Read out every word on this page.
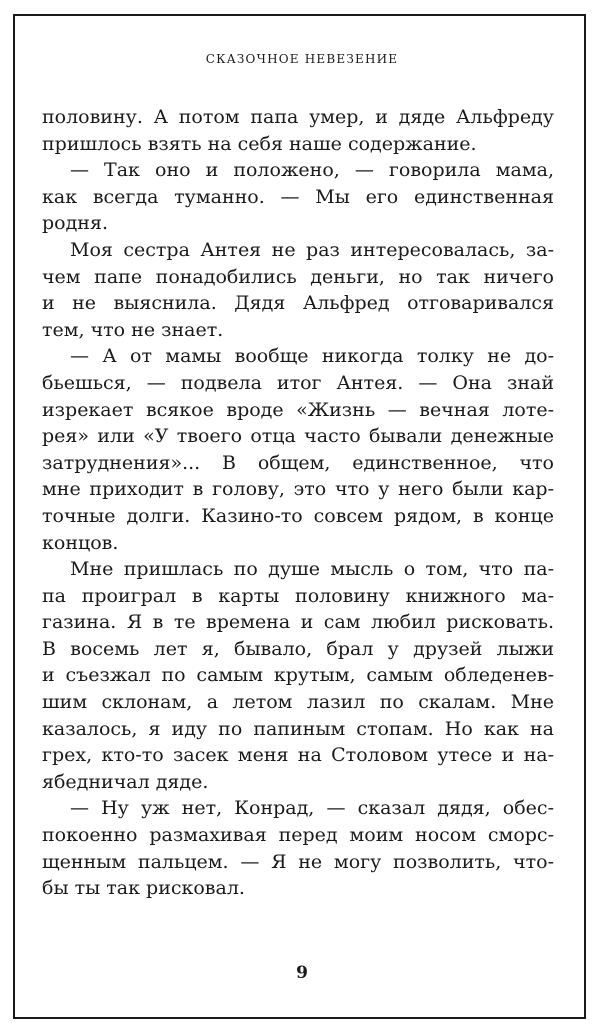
СКАЗОЧНОЕ НЕВЕЗЕНИЕ
половину. А потом папа умер, и дяде Альфреду
пришлось взять на себя наше содержание.
— Так оно и положено, — говорила мама,
как всегда туманно. — Мы его единственная
родня.
Моя сестра Антея не раз интересовалась, за-
чем папе понадобились деньги, но так ничего
и не выяснила. Дядя Альфред отговаривался
тем, что не знает.
— А от мамы вообще никогда толку не до-
бьешься, — подвела итог Антея. — Она знай
изрекает всякое вроде «Жизнь — вечная лоте-
рея» или «У твоего отца часто бывали денежные
затруднения»... В общем, единственное, что
мне приходит в голову, это что у него были кар-
точные долги. Казино-то совсем рядом, в конце
концов.
Мне пришлась по душе мысль о том, что па-
па проиграл в карты половину книжного ма-
газина. Я в те времена и сам любил рисковать.
В восемь лет я, бывало, брал у друзей лыжи
и съезжал по самым крутым, самым обледенев-
шим склонам, а летом лазил по скалам. Мне
казалось, я иду по папиным стопам. Но как на
грех, кто-то засек меня на Столовом утесе и на-
ябедничал дяде.
— Ну уж нет, Конрад, — сказал дядя, обес-
покоенно размахивая перед моим носом сморс-
щенным пальцем. — Я не могу позволить, что-
бы ты так рисковал.
9
